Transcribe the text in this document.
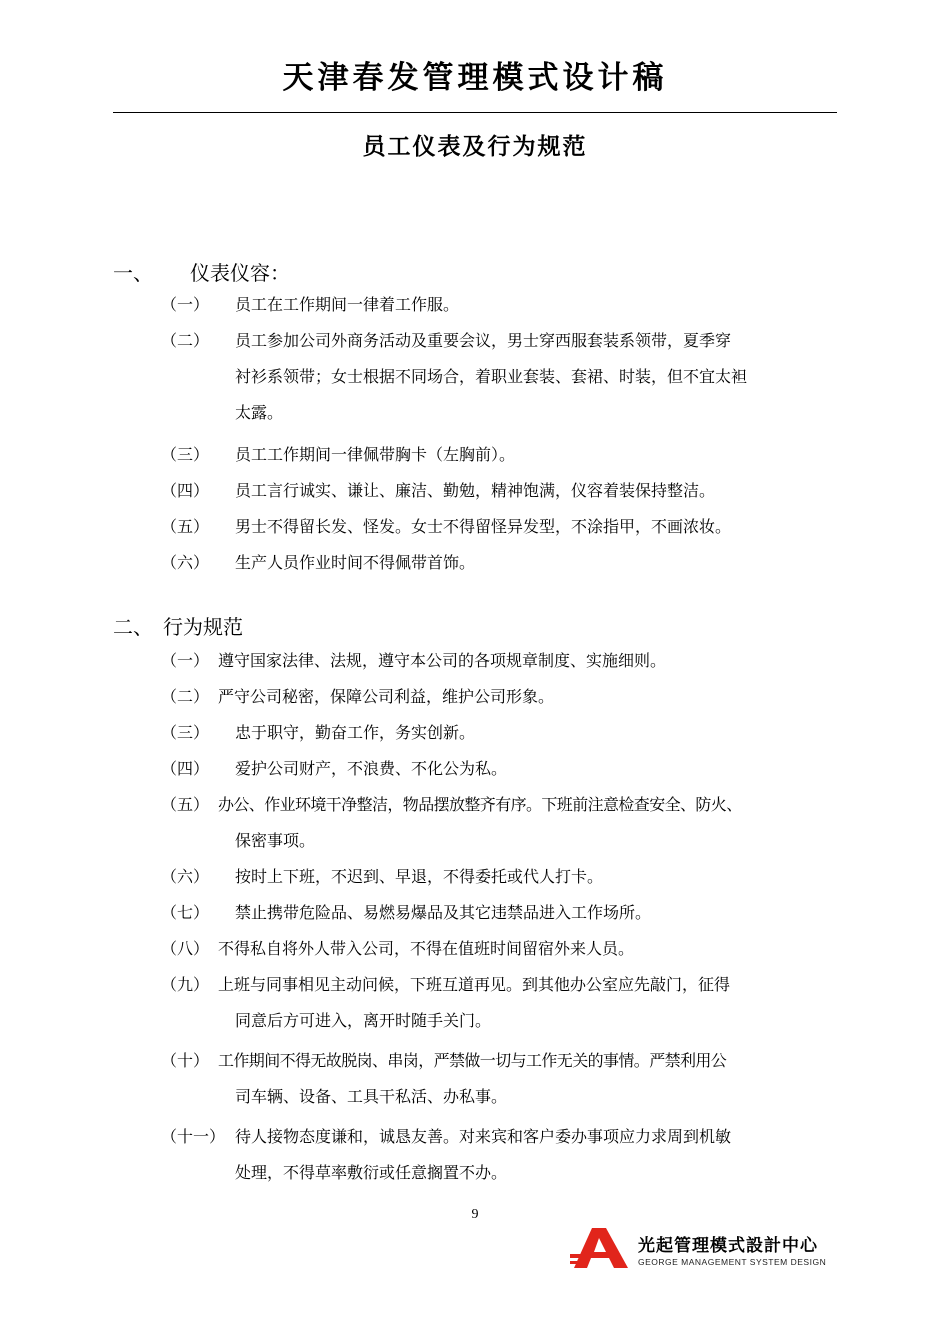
天津春发管理模式设计稿
员工仪表及行为规范
一、 仪表仪容：
（一） 员工在工作期间一律着工作服。
（二） 员工参加公司外商务活动及重要会议，男士穿西服套装系领带，夏季穿
衬衫系领带；女士根据不同场合，着职业套装、套裙、时装，但不宜太袒
太露。
（三） 员工工作期间一律佩带胸卡（左胸前）。
（四） 员工言行诚实、谦让、廉洁、勤勉，精神饱满，仪容着装保持整洁。
（五） 男士不得留长发、怪发。女士不得留怪异发型，不涂指甲，不画浓妆。
（六） 生产人员作业时间不得佩带首饰。
二、 行为规范
（一） 遵守国家法律、法规，遵守本公司的各项规章制度、实施细则。
（二） 严守公司秘密，保障公司利益，维护公司形象。
（三） 忠于职守，勤奋工作，务实创新。
（四） 爱护公司财产，不浪费、不化公为私。
（五） 办公、作业环境干净整洁，物品摆放整齐有序。下班前注意检查安全、防火、
保密事项。
（六） 按时上下班，不迟到、早退，不得委托或代人打卡。
（七） 禁止携带危险品、易燃易爆品及其它违禁品进入工作场所。
（八） 不得私自将外人带入公司，不得在值班时间留宿外来人员。
（九） 上班与同事相见主动问候，下班互道再见。到其他办公室应先敲门，征得
同意后方可进入，离开时随手关门。
（十） 工作期间不得无故脱岗、串岗，严禁做一切与工作无关的事情。严禁利用公
司车辆、设备、工具干私活、办私事。
（十一） 待人接物态度谦和，诚恳友善。对来宾和客户委办事项应力求周到机敏
处理，不得草率敷衍或任意搁置不办。
9
光起管理模式設計中心
GEORGE MANAGEMENT SYSTEM DESIGN
